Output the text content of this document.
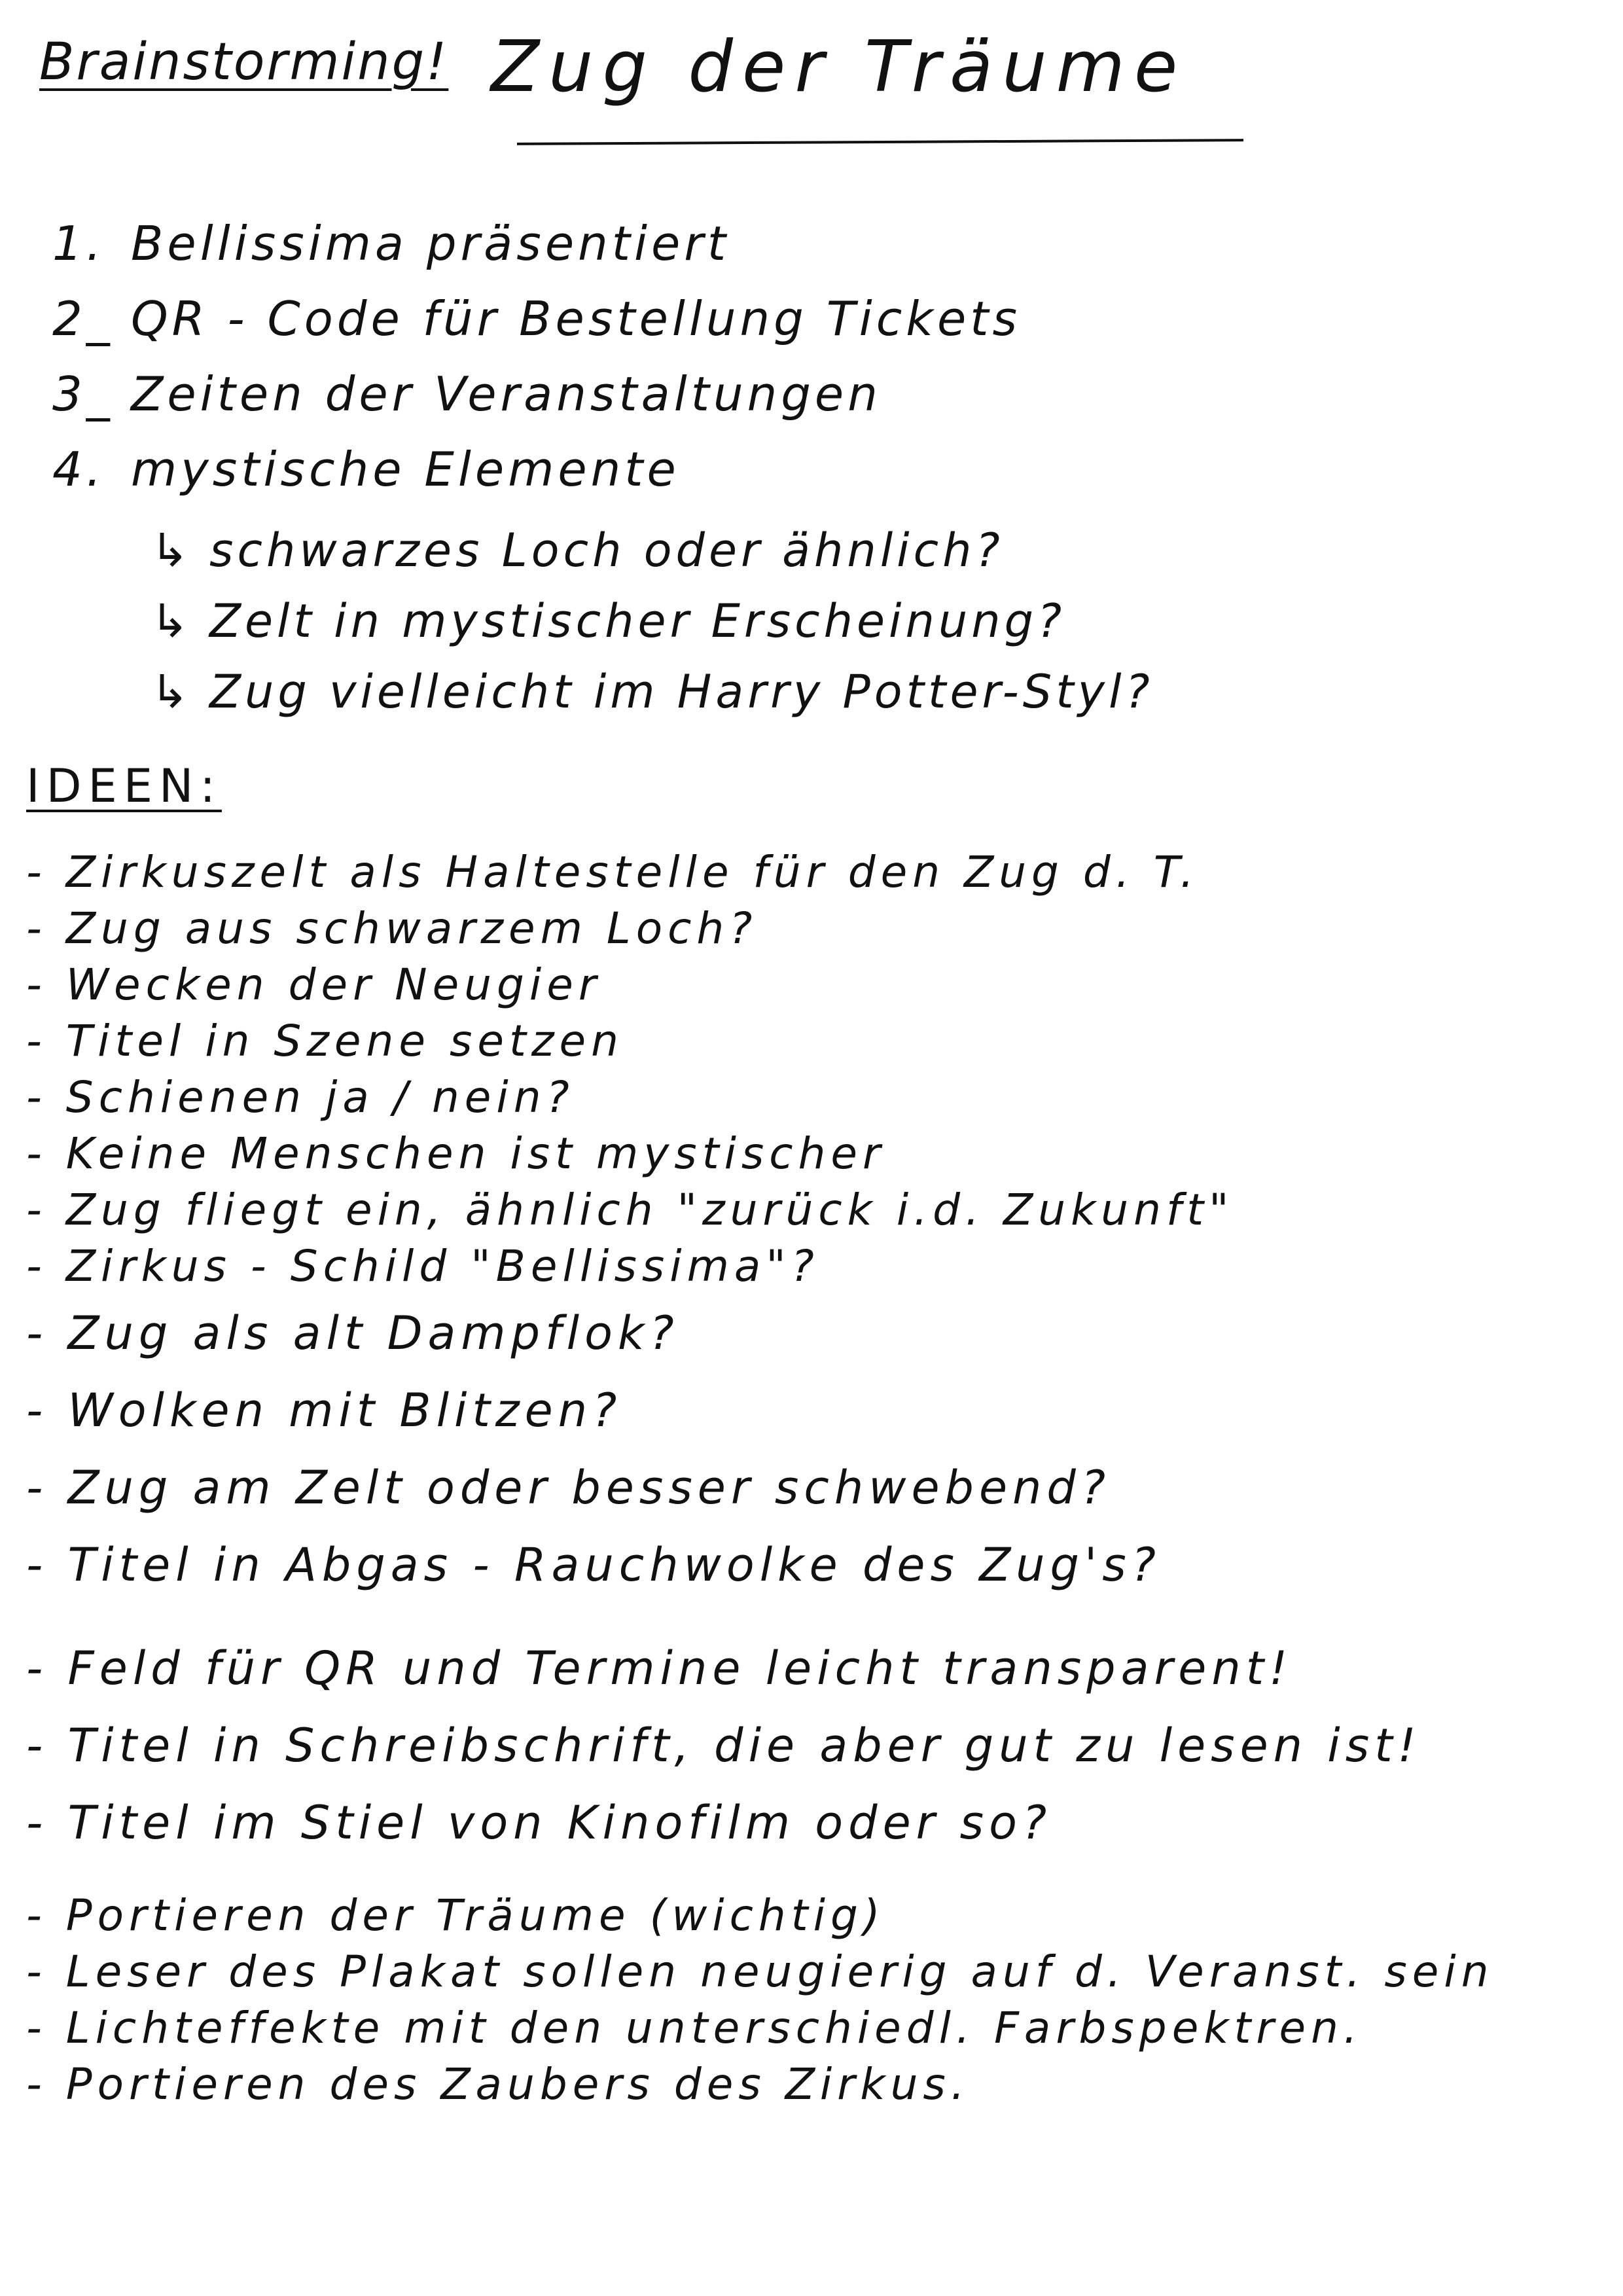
Brainstorming! Zug der Träume
1. Bellissima präsentiert
2_ QR - Code für Bestellung Tickets
3_ Zeiten der Veranstaltungen
4. mystische Elemente
↳ schwarzes Loch oder ähnlich?
↳ Zelt in mystischer Erscheinung?
↳ Zug vielleicht im Harry Potter-Styl?
IDEEN:
- Zirkuszelt als Haltestelle für den Zug d. T.
- Zug aus schwarzem Loch?
- Wecken der Neugier
- Titel in Szene setzen
- Schienen ja / nein?
- Keine Menschen ist mystischer
- Zug fliegt ein, ähnlich "zurück i.d. Zukunft"
- Zirkus - Schild "Bellissima"?
- Zug als alt Dampflok?
- Wolken mit Blitzen?
- Zug am Zelt oder besser schwebend?
- Titel in Abgas - Rauchwolke des Zug's?
- Feld für QR und Termine leicht transparent!
- Titel in Schreibschrift, die aber gut zu lesen ist!
- Titel im Stiel von Kinofilm oder so?
- Portieren der Träume (wichtig)
- Leser des Plakat sollen neugierig auf d. Veranst. sein
- Lichteffekte mit den unterschiedl. Farbspektren.
- Portieren des Zaubers des Zirkus.
